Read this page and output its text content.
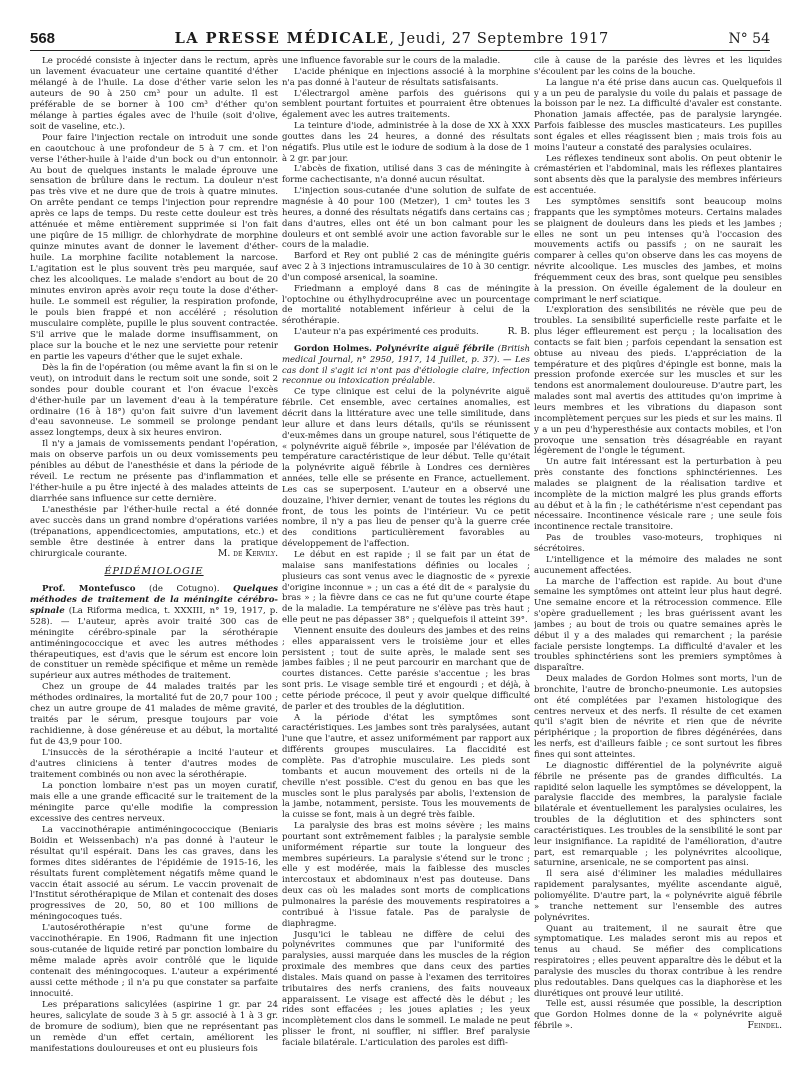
568	LA PRESSE MÉDICALE, Jeudi, 27 Septembre 1917	N° 54

Le procédé consiste à injecter dans le rectum, après un lavement évacuateur une certaine quantité d'éther mélangé à de l'huile. La dose d'éther varie selon les auteurs de 90 à 250 cm³ pour un adulte. Il est préférable de se borner à 100 cm³ d'éther qu'on mélange à parties égales avec de l'huile (soit d'olive, soit de vaseline, etc.).

Pour faire l'injection rectale on introduit une sonde en caoutchouc à une profondeur de 5 à 7 cm. et l'on verse l'éther-huile à l'aide d'un bock ou d'un entonnoir. Au bout de quelques instants le malade éprouve une sensation de brûlure dans le rectum. La douleur n'est pas très vive et ne dure que de trois à quatre minutes. On arrête pendant ce temps l'injection pour reprendre après ce laps de temps. Du reste cette douleur est très atténuée et même entièrement supprimée si l'on fait une piqûre de 15 milligr. de chlorhydrate de morphine quinze minutes avant de donner le lavement d'éther-huile. La morphine facilite notablement la narcose. L'agitation est le plus souvent très peu marquée, sauf chez les alcooliques. Le malade s'endort au bout de 20 minutes environ après avoir reçu toute la dose d'éther-huile. Le sommeil est régulier, la respiration profonde, le pouls bien frappé et non accéléré ; résolution musculaire complète, pupille le plus souvent contractée. S'il arrive que le malade dorme insuffisamment, on place sur la bouche et le nez une serviette pour retenir en partie les vapeurs d'éther que le sujet exhale.

Dès la fin de l'opération (ou même avant la fin si on le veut), on introduit dans le rectum soit une sonde, soit 2 sondes pour double courant et l'on évacue l'excès d'éther-huile par un lavement d'eau à la température ordinaire (16 à 18°) qu'on fait suivre d'un lavement d'eau savonneuse. Le sommeil se prolonge pendant assez longtemps, deux à six heures environ.

Il n'y a jamais de vomissements pendant l'opération, mais on observe parfois un ou deux vomissements peu pénibles au début de l'anesthésie et dans la période de réveil. Le rectum ne présente pas d'inflammation et l'éther-huile a pu être injecté à des malades atteints de diarrhée sans influence sur cette dernière.

L'anesthésie par l'éther-huile rectal a été donnée avec succès dans un grand nombre d'opérations variées (trépanations, appendicectomies, amputations, etc.) et semble être destinée à entrer dans la pratique chirurgicale courante.	M. de Kervily.

ÉPIDÉMIOLOGIE

Prof. Montefusco (de Cotugno). Quelques méthodes de traitement de la méningite cérébro-spinale (La Riforma medica, t. XXXIII, n° 19, 1917, p. 528). — L'auteur, après avoir traité 300 cas de méningite cérébro-spinale par la sérothérapie antiméningococcique et avec les autres méthodes thérapeutiques, est d'avis que le sérum est encore loin de constituer un remède spécifique et même un remède supérieur aux autres méthodes de traitement.

Chez un groupe de 44 malades traités par les méthodes ordinaires, la mortalité fut de 20,7 pour 100 ; chez un autre groupe de 41 malades de même gravité, traités par le sérum, presque toujours par voie rachidienne, à dose généreuse et au début, la mortalité fut de 43,9 pour 100.

L'insuccès de la sérothérapie a incité l'auteur et d'autres cliniciens à tenter d'autres modes de traitement combinés ou non avec la sérothérapie.

La ponction lombaire n'est pas un moyen curatif, mais elle a une grande efficacité sur le traitement de la méningite parce qu'elle modifie la compression excessive des centres nerveux.

La vaccinothérapie antiméningococcique (Beniaris Boidin et Weissenbach) n'a pas donné à l'auteur le résultat qu'il espérait. Dans les cas graves, dans les formes dites sidérantes de l'épidémie de 1915-16, les résultats furent complètement négatifs même quand le vaccin était associé au sérum. Le vaccin provenait de l'Institut sérothérapique de Milan et contenait des doses progressives de 20, 50, 80 et 100 millions de méningocoques tués.

L'autosérothérapie n'est qu'une forme de vaccinothérapie. En 1906, Radmann fit une injection sous-cutanée de liquide retiré par ponction lombaire du même malade après avoir contrôlé que le liquide contenait des méningocoques. L'auteur a expérimenté aussi cette méthode ; il n'a pu que constater sa parfaite innocuité.

Les préparations salicylées (aspirine 1 gr. par 24 heures, salicylate de soude 3 à 5 gr. associé à 1 à 3 gr. de bromure de sodium), bien que ne représentant pas un remède d'un effet certain, améliorent les manifestations douloureuses et ont eu plusieurs fois

une influence favorable sur le cours de la maladie.

L'acide phénique en injections associé à la morphine n'a pas donné à l'auteur de résultats satisfaisants.

L'électrargol amène parfois des guérisons qui semblent pourtant fortuites et pourraient être obtenues également avec les autres traitements.

La teinture d'iode, administrée à la dose de XX à XXX gouttes dans les 24 heures, a donné des résultats négatifs. Plus utile est le iodure de sodium à la dose de 1 à 2 gr. par jour.

L'abcès de fixation, utilisé dans 3 cas de méningite à forme cachectisante, n'a donné aucun résultat.

L'injection sous-cutanée d'une solution de sulfate de magnésie à 40 pour 100 (Metzer), 1 cm³ toutes les 3 heures, a donné des résultats négatifs dans certains cas ; dans d'autres, elles ont été un bon calmant pour les douleurs et ont semblé avoir une action favorable sur le cours de la maladie.

Barford et Rey ont publié 2 cas de méningite guéris avec 2 à 3 injections intramusculaires de 10 à 30 centigr. d'un composé arsenical, la soamine.

Friedmann a employé dans 8 cas de méningite l'optochine ou éthylhydrocupréine avec un pourcentage de mortalité notablement inférieur à celui de la sérothérapie.

L'auteur n'a pas expérimenté ces produits.	R. B.

Gordon Holmes. Polynévrite aiguë fébrile (British medical Journal, n° 2950, 1917, 14 Juillet, p. 37). — Les cas dont il s'agit ici n'ont pas d'étiologie claire, infection reconnue ou intoxication préalable.

Ce type clinique est celui de la polynévrite aiguë fébrile. Cet ensemble, avec certaines anomalies, est décrit dans la littérature avec une telle similitude, dans leur allure et dans leurs détails, qu'ils se réunissent d'eux-mêmes dans un groupe naturel, sous l'étiquette de « polynévrite aiguë fébrile », imposée par l'élévation de température caractéristique de leur début. Telle qu'était la polynévrite aiguë fébrile à Londres ces dernières années, telle elle se présente en France, actuellement. Les cas se superposent. L'auteur en a observé une douzaine, l'hiver dernier, venant de toutes les régions du front, de tous les points de l'intérieur. Vu ce petit nombre, il n'y a pas lieu de penser qu'à la guerre crée des conditions particulièrement favorables au développement de l'affection.

Le début en est rapide ; il se fait par un état de malaise sans manifestations définies ou locales ; plusieurs cas sont venus avec le diagnostic de « pyrexie d'origine inconnue » ; un cas a été dit de « paralysie du bras » ; la fièvre dans ce cas ne fut qu'une courte étape de la maladie. La température ne s'élève pas très haut ; elle peut ne pas dépasser 38° ; quelquefois il atteint 39°.

Viennent ensuite des douleurs des jambes et des reins ; elles apparaissent vers le troisième jour et elles persistent ; tout de suite après, le malade sent ses jambes faibles ; il ne peut parcourir en marchant que de courtes distances. Cette parésie s'accentue ; les bras sont pris. Le visage semble tiré et engourdi ; et déjà, à cette période précoce, il peut y avoir quelque difficulté de parler et des troubles de la déglutition.

A la période d'état les symptômes sont caractéristiques. Les jambes sont très paralysées, autant l'une que l'autre, et assez uniformément par rapport aux différents groupes musculaires. La flaccidité est complète. Pas d'atrophie musculaire. Les pieds sont tombants et aucun mouvement des orteils ni de la cheville n'est possible. C'est du genou en bas que les muscles sont le plus paralysés par abolis, l'extension de la jambe, notamment, persiste. Tous les mouvements de la cuisse se font, mais à un degré très faible.

La paralysie des bras est moins sévère ; les mains pourtant sont extrêmement faibles ; la paralysie semble uniformément répartie sur toute la longueur des membres supérieurs. La paralysie s'étend sur le tronc ; elle y est modérée, mais la faiblesse des muscles intercostaux et abdominaux n'est pas douteuse. Dans deux cas où les malades sont morts de complications pulmonaires la parésie des mouvements respiratoires a contribué à l'issue fatale. Pas de paralysie de diaphragme.

Jusqu'ici le tableau ne diffère de celui des polynévrites communes que par l'uniformité des paralysies, aussi marquée dans les muscles de la région proximale des membres que dans ceux des parties distales. Mais quand on passe à l'examen des territoires tributaires des nerfs craniens, des faits nouveaux apparaissent. Le visage est affecté dès le début ; les rides sont effacées ; les joues aplaties ; les yeux incomplètement clos dans le sommeil. Le malade ne peut plisser le front, ni souffler, ni siffler. Bref paralysie faciale bilatérale. L'articulation des paroles est diffi-

cile à cause de la parésie des lèvres et les liquides s'écoulent par les coins de la bouche.

La langue n'a été prise dans aucun cas. Quelquefois il y a un peu de paralysie du voile du palais et passage de la boisson par le nez. La difficulté d'avaler est constante. Phonation jamais affectée, pas de paralysie laryngée. Parfois faiblesse des muscles masticateurs. Les pupilles sont égales et elles réagissent bien ; mais trois fois au moins l'auteur a constaté des paralysies oculaires.

Les réflexes tendineux sont abolis. On peut obtenir le crémastérien et l'abdominal, mais les réflexes plantaires sont absents dès que la paralysie des membres inférieurs est accentuée.

Les symptômes sensitifs sont beaucoup moins frappants que les symptômes moteurs. Certains malades se plaignent de douleurs dans les pieds et les jambes ; elles ne sont un peu intenses qu'à l'occasion des mouvements actifs ou passifs ; on ne saurait les comparer à celles qu'on observe dans les cas moyens de névrite alcoolique. Les muscles des jambes, et moins fréquemment ceux des bras, sont quelque peu sensibles à la pression. On éveille également de la douleur en comprimant le nerf sciatique.

L'exploration des sensibilités ne révèle que peu de troubles. La sensibilité superficielle reste parfaite et le plus léger effleurement est perçu ; la localisation des contacts se fait bien ; parfois cependant la sensation est obtuse au niveau des pieds. L'appréciation de la température et des piqûres d'épingle est bonne, mais la pression profonde exercée sur les muscles et sur les tendons est anormalement douloureuse. D'autre part, les malades sont mal avertis des attitudes qu'on imprime à leurs membres et les vibrations du diapason sont incomplètement perçues sur les pieds et sur les mains. Il y a un peu d'hyperesthésie aux contacts mobiles, et l'on provoque une sensation très désagréable en rayant légèrement de l'ongle le tégument.

Un autre fait intéressant est la perturbation à peu près constante des fonctions sphinctériennes. Les malades se plaignent de la réalisation tardive et incomplète de la miction malgré les plus grands efforts au début et à la fin ; le cathétérisme n'est cependant pas nécessaire. Incontinence vésicale rare ; une seule fois incontinence rectale transitoire.

Pas de troubles vaso-moteurs, trophiques ni sécrétoires.

L'intelligence et la mémoire des malades ne sont aucunement affectées.

La marche de l'affection est rapide. Au bout d'une semaine les symptômes ont atteint leur plus haut degré. Une semaine encore et la rétrocession commence. Elle s'opère graduellement ; les bras guérissent avant les jambes ; au bout de trois ou quatre semaines après le début il y a des malades qui remarchent ; la parésie faciale persiste longtemps. La difficulté d'avaler et les troubles sphinctériens sont les premiers symptômes à disparaître.

Deux malades de Gordon Holmes sont morts, l'un de bronchite, l'autre de broncho-pneumonie. Les autopsies ont été complétées par l'examen histologique des centres nerveux et des nerfs. Il résulte de cet examen qu'il s'agit bien de névrite et rien que de névrite périphérique ; la proportion de fibres dégénérées, dans les nerfs, est d'ailleurs faible ; ce sont surtout les fibres fines qui sont atteintes.

Le diagnostic différentiel de la polynévrite aiguë fébrile ne présente pas de grandes difficultés. La rapidité selon laquelle les symptômes se développent, la paralysie flaccide des membres, la paralysie faciale bilatérale et éventuellement les paralysies oculaires, les troubles de la déglutition et des sphincters sont caractéristiques. Les troubles de la sensibilité le sont par leur insignifiance. La rapidité de l'amélioration, d'autre part, est remarquable ; les polynévrites alcoolique, saturnine, arsenicale, ne se comportent pas ainsi.

Il sera aisé d'éliminer les maladies médullaires rapidement paralysantes, myélite ascendante aiguë, poliomyélite. D'autre part, la « polynévrite aiguë fébrile » tranche nettement sur l'ensemble des autres polynévrites.

Quant au traitement, il ne saurait être que symptomatique. Les malades seront mis au repos et tenus au chaud. Se méfier des complications respiratoires ; elles peuvent apparaître dès le début et la paralysie des muscles du thorax contribue à les rendre plus redoutables. Dans quelques cas la diaphorèse et les diurétiques ont prouvé leur utilité.

Telle est, aussi résumée que possible, la description que Gordon Holmes donne de la « polynévrite aiguë fébrile ».	Feindel.
